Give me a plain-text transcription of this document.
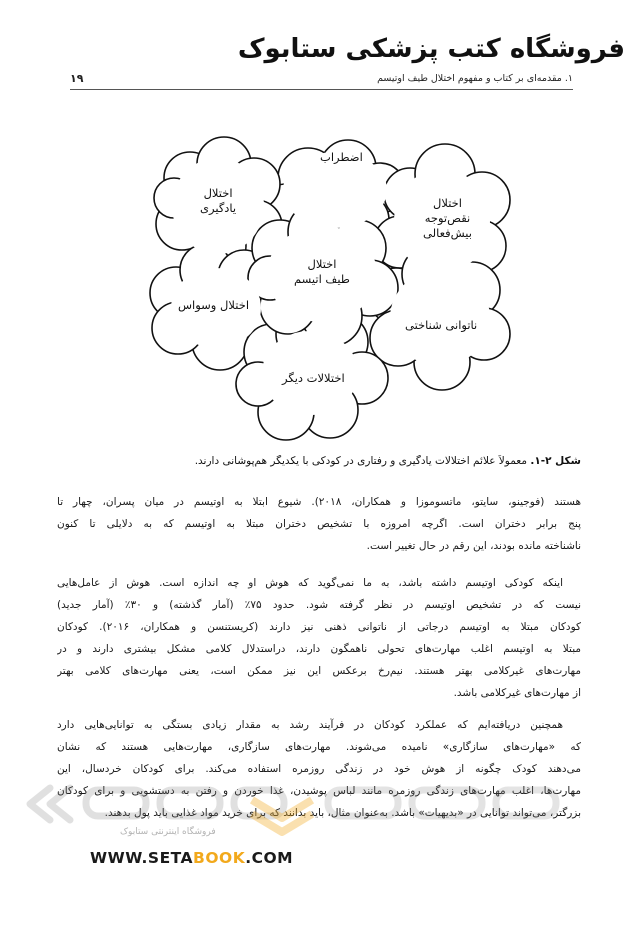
فروشگاه کتب پزشکی ستابوک
۱. مقدمه‌ای بر کتاب و مفهوم اختلال طیف اوتیسم
۱۹
اضطراب
اختلال
یادگیری	اختلال
نقص‌توجه
بیش‌فعالی
اختلال
طیف اتیسم
اختلال وسواس
ناتوانی شناختی
اختلالات دیگر
شکل ۲-۱. معمولاً علائم اختلالات یادگیری و رفتاری در کودکی با یکدیگر هم‌پوشانی دارند.
هستند (فوجینو، سایتو، ماتسوموزا و همکاران، ۲۰۱۸). شیوع ابتلا به اوتیسم در میان پسران، چهار تا
پنج برابر دختران است. اگرچه امروزه با تشخیص دختران مبتلا به اوتیسم که به دلایلی تا کنون
ناشناخته مانده بودند، این رقم در حال تغییر است.
اینکه کودکی اوتیسم داشته باشد، به ما نمی‌گوید که هوش او چه اندازه است. هوش از عامل‌هایی
نیست که در تشخیص اوتیسم در نظر گرفته شود. حدود ۷۵٪ (آمار گذشته) و ۳۰٪ (آمار جدید)
کودکان مبتلا به اوتیسم درجاتی از ناتوانی ذهنی نیز دارند (کریستنسن و همکاران، ۲۰۱۶). کودکان
مبتلا به اوتیسم اغلب مهارت‌های تحولی ناهمگون دارند، دراستدلال کلامی مشکل بیشتری دارند و در
مهارت‌های غیرکلامی بهتر هستند. نیم‌رخ برعکس این نیز ممکن است، یعنی مهارت‌های کلامی بهتر
از مهارت‌های غیرکلامی باشد.
همچنین دریافته‌ایم که عملکرد کودکان در فرآیند رشد به مقدار زیادی بستگی به توانایی‌هایی دارد
که «مهارت‌های سازگاری» نامیده می‌شوند. مهارت‌های سازگاری، مهارت‌هایی هستند که نشان
می‌دهند کودک چگونه از هوش خود در زندگی روزمره استفاده می‌کند. برای کودکان خردسال، این
مهارت‌ها، اغلب مهارت‌های زندگی روزمره مانند لباس پوشیدن، غذا خوردن و رفتن به دستشویی و برای کودکان
بزرگتر، می‌تواند توانایی در «بدیهیات» باشد. به‌عنوان مثال، باید بدانند که برای خرید مواد غذایی باید پول بدهند.
فروشگاه اینترنتی ستابوک
WWW.SETABOOK.COM
